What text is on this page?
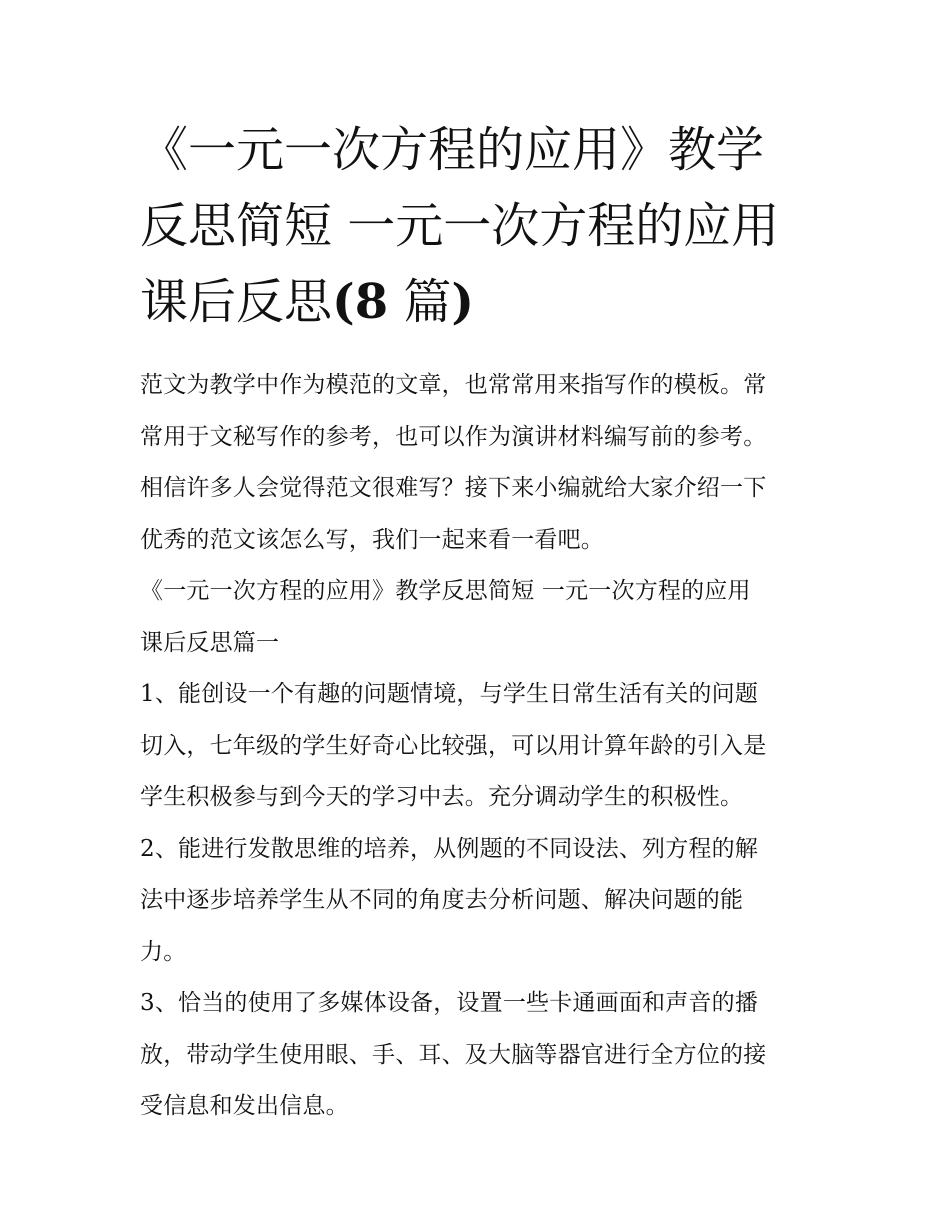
《一元一次方程的应用》教学
反思简短 一元一次方程的应用
课后反思(8 篇)
范文为教学中作为模范的文章，也常常用来指写作的模板。常
常用于文秘写作的参考，也可以作为演讲材料编写前的参考。
相信许多人会觉得范文很难写？接下来小编就给大家介绍一下
优秀的范文该怎么写，我们一起来看一看吧。
《一元一次方程的应用》教学反思简短 一元一次方程的应用
课后反思篇一
1、能创设一个有趣的问题情境，与学生日常生活有关的问题
切入，七年级的学生好奇心比较强，可以用计算年龄的引入是
学生积极参与到今天的学习中去。充分调动学生的积极性。
2、能进行发散思维的培养，从例题的不同设法、列方程的解
法中逐步培养学生从不同的角度去分析问题、解决问题的能
力。
3、恰当的使用了多媒体设备，设置一些卡通画面和声音的播
放，带动学生使用眼、手、耳、及大脑等器官进行全方位的接
受信息和发出信息。
